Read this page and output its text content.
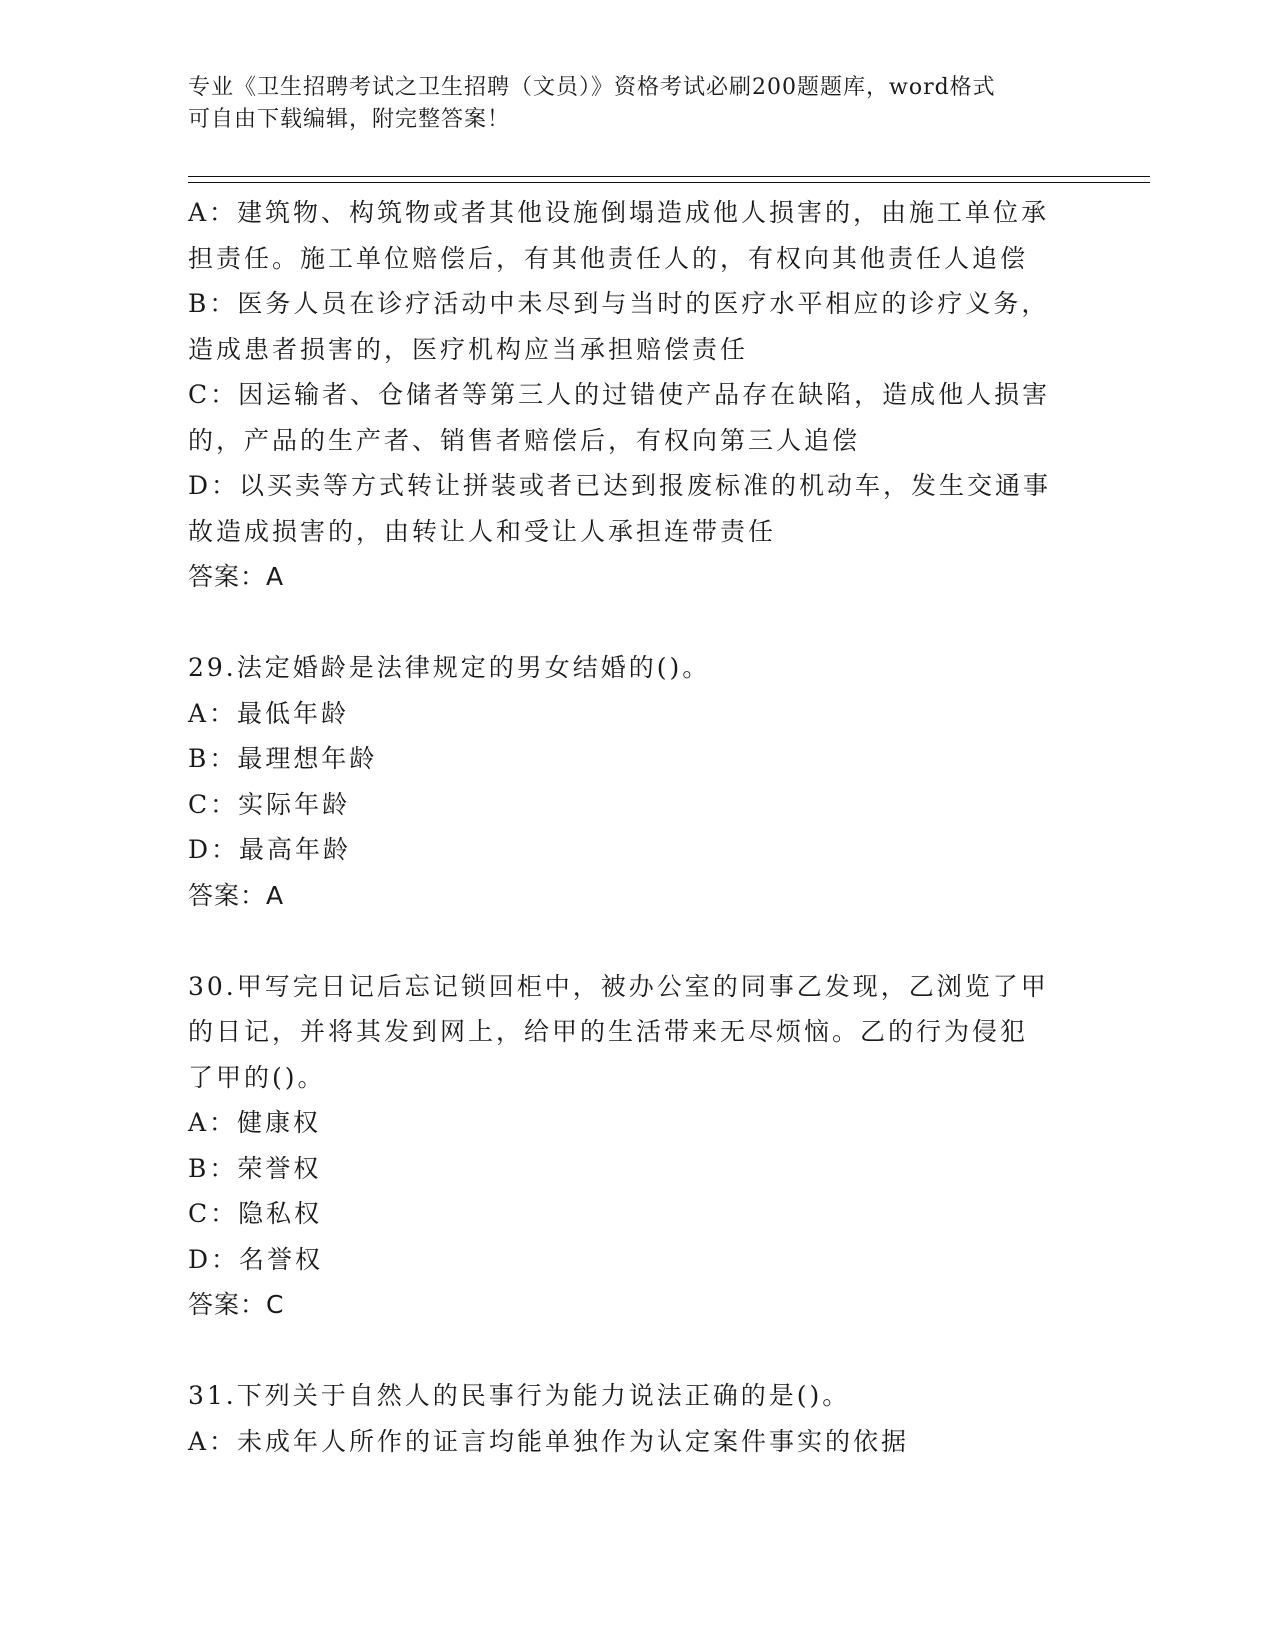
专业《卫生招聘考试之卫生招聘（文员）》资格考试必刷200题题库，word格式
可自由下载编辑，附完整答案！
A：建筑物、构筑物或者其他设施倒塌造成他人损害的，由施工单位承
担责任。施工单位赔偿后，有其他责任人的，有权向其他责任人追偿
B：医务人员在诊疗活动中未尽到与当时的医疗水平相应的诊疗义务，
造成患者损害的，医疗机构应当承担赔偿责任
C：因运输者、仓储者等第三人的过错使产品存在缺陷，造成他人损害
的，产品的生产者、销售者赔偿后，有权向第三人追偿
D：以买卖等方式转让拼装或者已达到报废标准的机动车，发生交通事
故造成损害的，由转让人和受让人承担连带责任
答案：A
29.法定婚龄是法律规定的男女结婚的()。
A：最低年龄
B：最理想年龄
C：实际年龄
D：最高年龄
答案：A
30.甲写完日记后忘记锁回柜中，被办公室的同事乙发现，乙浏览了甲
的日记，并将其发到网上，给甲的生活带来无尽烦恼。乙的行为侵犯
了甲的()。
A：健康权
B：荣誉权
C：隐私权
D：名誉权
答案：C
31.下列关于自然人的民事行为能力说法正确的是()。
A：未成年人所作的证言均能单独作为认定案件事实的依据
